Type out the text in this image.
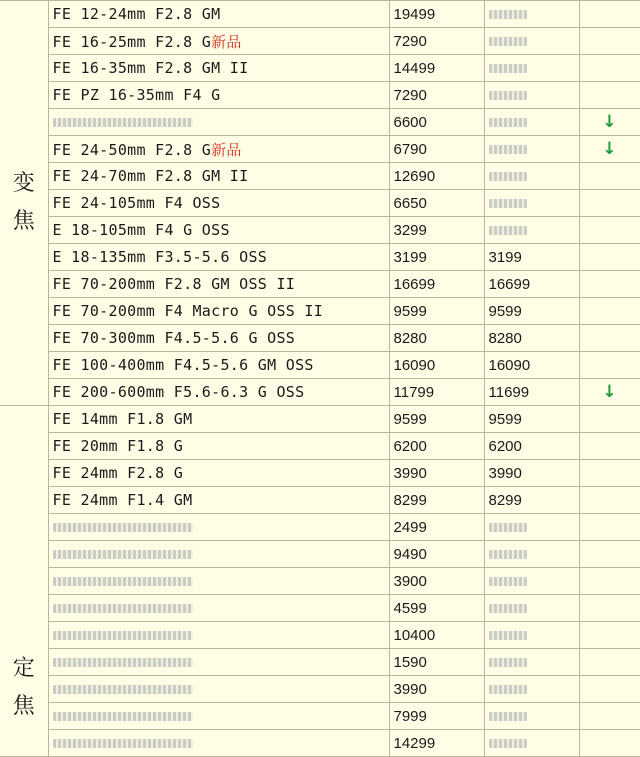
变焦	FE 12-24mm F2.8 GM	19499		
	FE 16-25mm F2.8 G新品	7290		
	FE 16-35mm F2.8 GM II	14499		
	FE PZ 16-35mm F4 G	7290		
		6600		↓
	FE 24-50mm F2.8 G新品	6790		↓
	FE 24-70mm F2.8 GM II	12690		
	FE 24-105mm F4 OSS	6650		
	E 18-105mm F4 G OSS	3299		
	E 18-135mm F3.5-5.6 OSS	3199	3199	
	FE 70-200mm F2.8 GM OSS II	16699	16699	
	FE 70-200mm F4 Macro G OSS II	9599	9599	
	FE 70-300mm F4.5-5.6 G OSS	8280	8280	
	FE 100-400mm F4.5-5.6 GM OSS	16090	16090	
	FE 200-600mm F5.6-6.3 G OSS	11799	11699	↓
定焦	FE 14mm F1.8 GM	9599	9599	
	FE 20mm F1.8 G	6200	6200	
	FE 24mm F2.8 G	3990	3990	
	FE 24mm F1.4 GM	8299	8299	
		2499		
		9490		
		3900		
		4599		
		10400		
		1590		
		3990		
		7999		
		14299		
